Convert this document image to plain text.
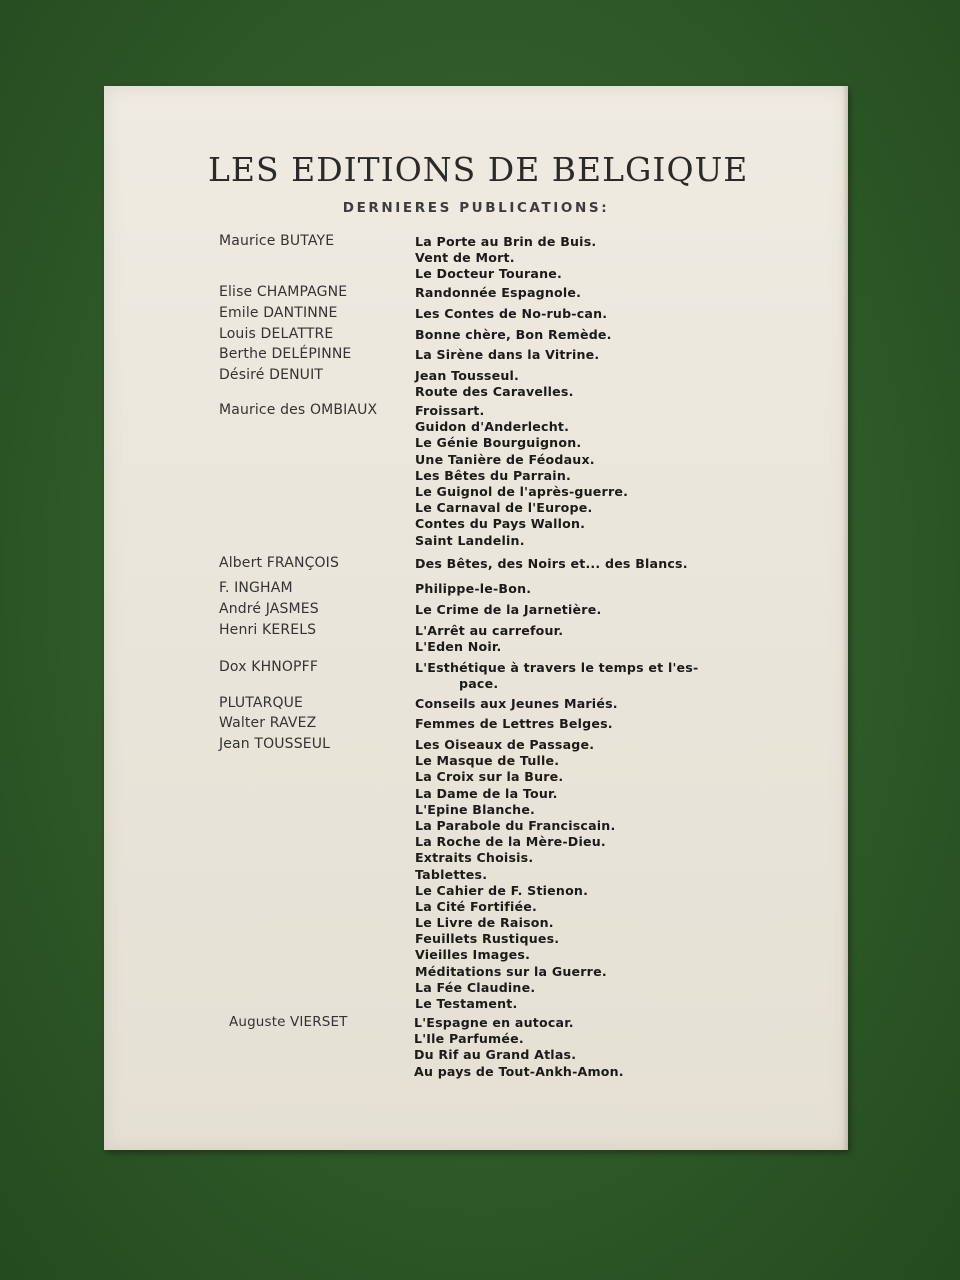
LES EDITIONS DE BELGIQUE
DERNIERES PUBLICATIONS:
Maurice BUTAYE	La Porte au Brin de Buis.
Vent de Mort.
Le Docteur Tourane.
Elise CHAMPAGNE	Randonnée Espagnole.
Emile DANTINNE	Les Contes de No-rub-can.
Louis DELATTRE	Bonne chère, Bon Remède.
Berthe DELÉPINNE	La Sirène dans la Vitrine.
Désiré DENUIT	Jean Tousseul.
Route des Caravelles.
Maurice des OMBIAUX	Froissart.
Guidon d'Anderlecht.
Le Génie Bourguignon.
Une Tanière de Féodaux.
Les Bêtes du Parrain.
Le Guignol de l'après-guerre.
Le Carnaval de l'Europe.
Contes du Pays Wallon.
Saint Landelin.
Albert FRANÇOIS	Des Bêtes, des Noirs et... des Blancs.
F. INGHAM	Philippe-le-Bon.
André JASMES	Le Crime de la Jarnetière.
Henri KERELS	L'Arrêt au carrefour.
L'Eden Noir.
Dox KHNOPFF	L'Esthétique à travers le temps et l'es-
pace.
PLUTARQUE	Conseils aux Jeunes Mariés.
Walter RAVEZ	Femmes de Lettres Belges.
Jean TOUSSEUL	Les Oiseaux de Passage.
Le Masque de Tulle.
La Croix sur la Bure.
La Dame de la Tour.
L'Epine Blanche.
La Parabole du Franciscain.
La Roche de la Mère-Dieu.
Extraits Choisis.
Tablettes.
Le Cahier de F. Stienon.
La Cité Fortifiée.
Le Livre de Raison.
Feuillets Rustiques.
Vieilles Images.
Méditations sur la Guerre.
La Fée Claudine.
Le Testament.
Auguste VIERSET	L'Espagne en autocar.
L'Ile Parfumée.
Du Rif au Grand Atlas.
Au pays de Tout-Ankh-Amon.
